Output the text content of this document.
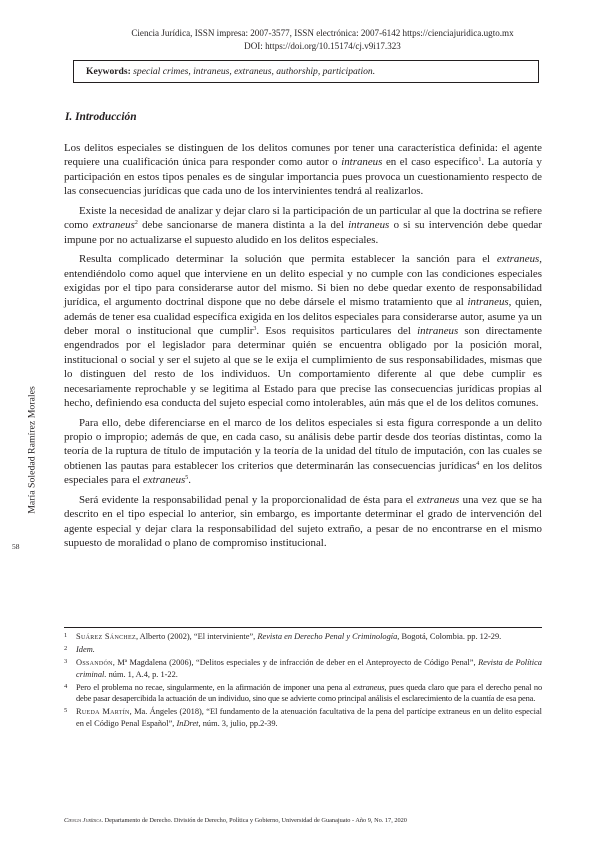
Ciencia Jurídica, ISSN impresa: 2007-3577, ISSN electrónica: 2007-6142 https://cienciajuridica.ugto.mx
DOI: https://doi.org/10.15174/cj.v9i17.323
Keywords: special crimes, intraneus, extraneus, authorship, participation.
I. Introducción

Los delitos especiales se distinguen de los delitos comunes por tener una característica definida: el agente requiere una cualificación única para responder como autor o intraneus en el caso específico$^1$. La autoría y participación en estos tipos penales es de singular importancia pues provoca un cuestionamiento respecto de las consecuencias jurídicas que cada uno de los intervinientes tendrá al realizarlos.

Existe la necesidad de analizar y dejar claro si la participación de un particular al que la doctrina se refiere como extraneus$^2$ debe sancionarse de manera distinta a la del intraneus o si su intervención debe quedar impune por no actualizarse el supuesto aludido en los delitos especiales.

Resulta complicado determinar la solución que permita establecer la sanción para el extraneus, entendiéndolo como aquel que interviene en un delito especial y no cumple con las condiciones especiales exigidas por el tipo para considerarse autor del mismo. Si bien no debe quedar exento de responsabilidad jurídica, el argumento doctrinal dispone que no debe dársele el mismo tratamiento que al intraneus, quien, además de tener esa cualidad específica exigida en los delitos especiales para considerarse autor, asume ya un deber moral o institucional que cumplir$^3$. Esos requisitos particulares del intraneus son directamente engendrados por el legislador para determinar quién se encuentra obligado por la posición moral, institucional o social y ser el sujeto al que se le exija el cumplimiento de sus responsabilidades, mismas que lo distinguen del resto de los individuos. Un comportamiento diferente al que debe cumplir es necesariamente reprochable y se legitima al Estado para que precise las consecuencias jurídicas propias al hecho, definiendo esa conducta del sujeto especial como intolerables, aún más que el de los delitos comunes.

Para ello, debe diferenciarse en el marco de los delitos especiales si esta figura corresponde a un delito propio o impropio; además de que, en cada caso, su análisis debe partir desde dos teorías distintas, como la teoría de la ruptura de título de imputación y la teoría de la unidad del título de imputación, con las cuales se obtienen las pautas para establecer los criterios que determinarán las consecuencias jurídicas$^4$ en los delitos especiales para el extraneus$^5$.

Será evidente la responsabilidad penal y la proporcionalidad de ésta para el extraneus una vez que se ha descrito en el tipo especial lo anterior, sin embargo, es importante determinar el grado de intervención del agente especial y dejar clara la responsabilidad del sujeto extraño, a pesar de no encontrarse en el mismo supuesto de moralidad o plano de compromiso institucional.

1	Suárez Sánchez, Alberto (2002), “El interviniente”, Revista en Derecho Penal y Criminología, Bogotá, Colombia. pp. 12-29.
2	Idem.
3	Ossandón, Mª Magdalena (2006), “Delitos especiales y de infracción de deber en el Anteproyecto de Código Penal”, Revista de Política criminal. núm. 1, A.4, p. 1-22.
4	Pero el problema no recae, singularmente, en la afirmación de imponer una pena al extraneus, pues queda claro que para el derecho penal no debe pasar desapercibida la actuación de un individuo, sino que se advierte como principal análisis el esclarecimiento de la cuantía de esa pena.
5	Rueda Martín, Ma. Ángeles (2018), “El fundamento de la atenuación facultativa de la pena del partícipe extraneus en un delito especial en el Código Penal Español”, InDret, núm. 3, julio, pp.2-39.
Ciencia Jurídica. Departamento de Derecho. División de Derecho, Política y Gobierno, Universidad de Guanajuato - Año 9, No. 17, 2020
María Soledad Ramírez Morales
58
